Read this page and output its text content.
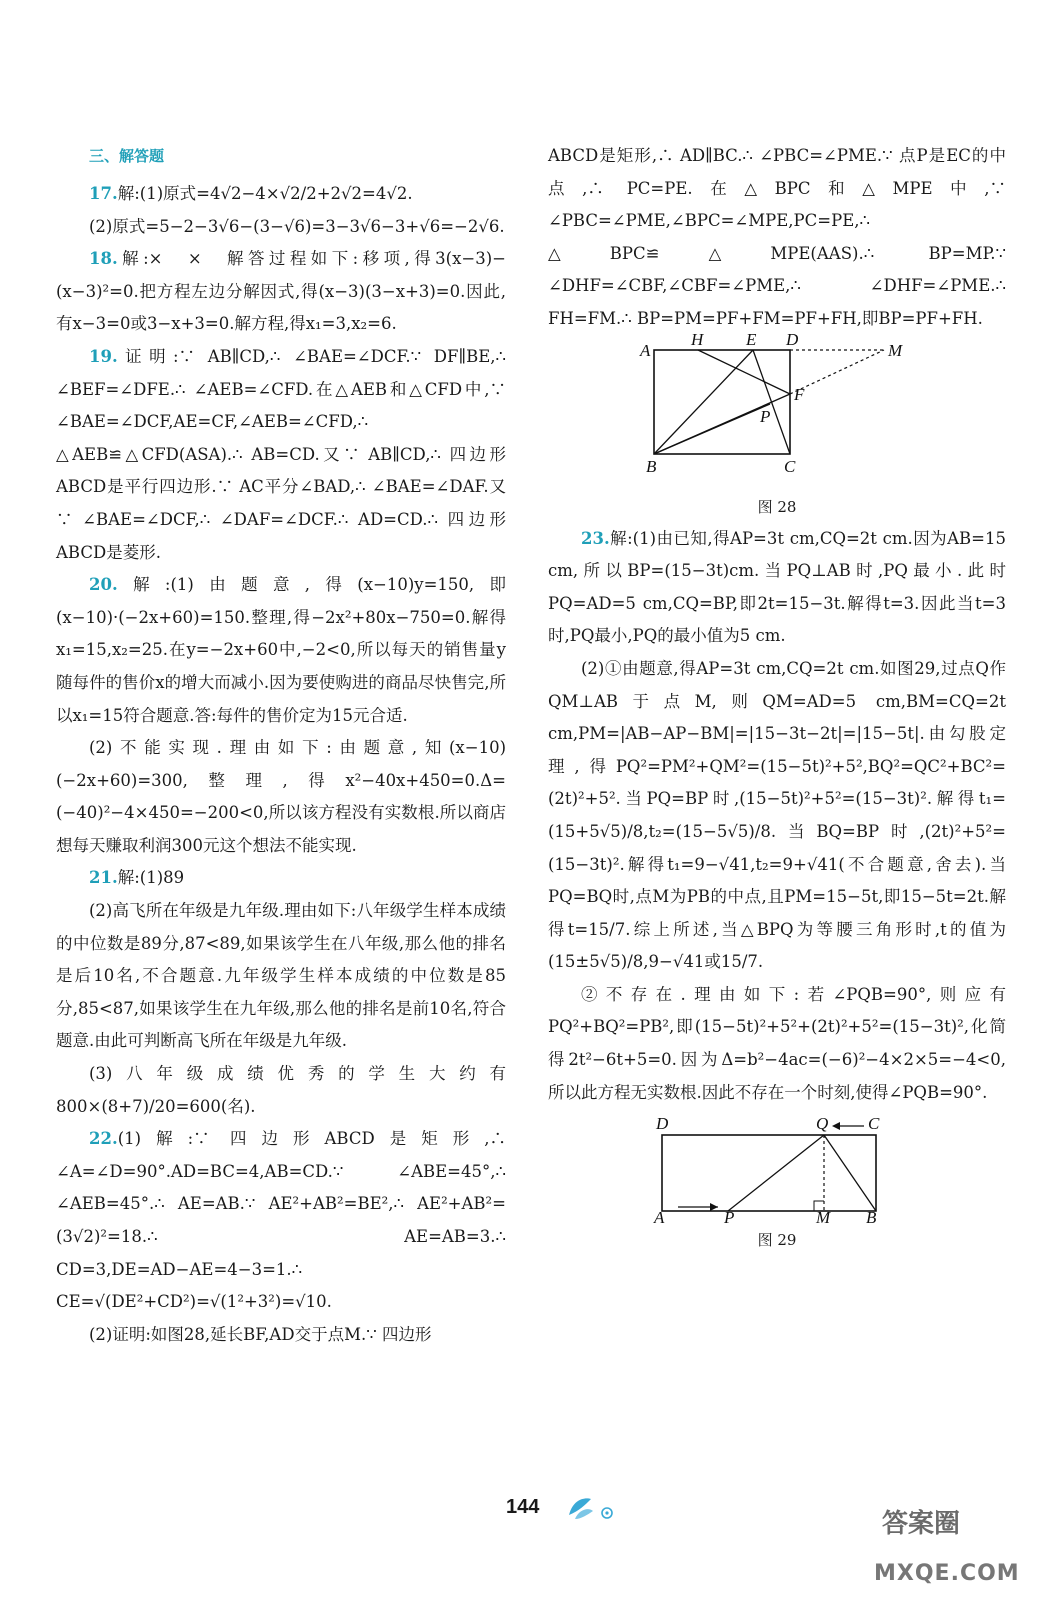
三、解答题

17.解:(1)原式=4√2−4×√2/2+2√2=4√2.

(2)原式=5−2−3√6−(3−√6)=3−3√6−3+√6=−2√6.

18.解:×　×　解答过程如下:移项,得3(x−3)−(x−3)²=0.把方程左边分解因式,得(x−3)(3−x+3)=0.因此,有x−3=0或3−x+3=0.解方程,得x₁=3,x₂=6.

19.证明:∵ AB∥CD,∴ ∠BAE=∠DCF.∵ DF∥BE,∴ ∠BEF=∠DFE.∴ ∠AEB=∠CFD.在△AEB和△CFD中,∵ ∠BAE=∠DCF,AE=CF,∠AEB=∠CFD,∴ △AEB≌△CFD(ASA).∴ AB=CD.又∵ AB∥CD,∴ 四边形ABCD是平行四边形.∵ AC平分∠BAD,∴ ∠BAE=∠DAF.又∵ ∠BAE=∠DCF,∴ ∠DAF=∠DCF.∴ AD=CD.∴ 四边形ABCD是菱形.

20.解:(1)由题意,得(x−10)y=150,即(x−10)·(−2x+60)=150.整理,得−2x²+80x−750=0.解得x₁=15,x₂=25.在y=−2x+60中,−2<0,所以每天的销售量y随每件的售价x的增大而减小.因为要使购进的商品尽快售完,所以x₁=15符合题意.答:每件的售价定为15元合适.

(2)不能实现.理由如下:由题意,知(x−10)(−2x+60)=300,整理,得x²−40x+450=0.Δ=(−40)²−4×450=−200<0,所以该方程没有实数根.所以商店想每天赚取利润300元这个想法不能实现.

21.解:(1)89

(2)高飞所在年级是九年级.理由如下:八年级学生样本成绩的中位数是89分,87<89,如果该学生在八年级,那么他的排名是后10名,不合题意.九年级学生样本成绩的中位数是85分,85<87,如果该学生在九年级,那么他的排名是前10名,符合题意.由此可判断高飞所在年级是九年级.

(3)八年级成绩优秀的学生大约有800×(8+7)/20=600(名).

22.(1)解:∵ 四边形ABCD是矩形,∴ ∠A=∠D=90°.AD=BC=4,AB=CD.∵ ∠ABE=45°,∴ ∠AEB=45°.∴ AE=AB.∵ AE²+AB²=BE²,∴ AE²+AB²=(3√2)²=18.∴ AE=AB=3.∴ CD=3,DE=AD−AE=4−3=1.∴ CE=√(DE²+CD²)=√(1²+3²)=√10.

(2)证明:如图28,延长BF,AD交于点M.∵ 四边形

ABCD是矩形,∴ AD∥BC.∴ ∠PBC=∠PME.∵ 点P是EC的中点,∴ PC=PE.在△BPC和△MPE中,∵ ∠PBC=∠PME,∠BPC=∠MPE,PC=PE,∴ △BPC≌△MPE(AAS).∴ BP=MP.∵ ∠DHF=∠CBF,∠CBF=∠PME,∴ ∠DHF=∠PME.∴ FH=FM.∴ BP=PM=PF+FM=PF+FH,即BP=PF+FH.

A
H	E D
M
F
P
B	C
图 28

23.解:(1)由已知,得AP=3t cm,CQ=2t cm.因为AB=15 cm,所以BP=(15−3t)cm.当PQ⊥AB时,PQ最小.此时PQ=AD=5 cm,CQ=BP,即2t=15−3t.解得t=3.因此当t=3时,PQ最小,PQ的最小值为5 cm.

(2)①由题意,得AP=3t cm,CQ=2t cm.如图29,过点Q作QM⊥AB于点M,则QM=AD=5 cm,BM=CQ=2t cm,PM=|AB−AP−BM|=|15−3t−2t|=|15−5t|.由勾股定理,得PQ²=PM²+QM²=(15−5t)²+5²,BQ²=QC²+BC²=(2t)²+5².当PQ=BP时,(15−5t)²+5²=(15−3t)².解得t₁=(15+5√5)/8,t₂=(15−5√5)/8.当BQ=BP时,(2t)²+5²=(15−3t)².解得t₁=9−√41,t₂=9+√41(不合题意,舍去).当PQ=BQ时,点M为PB的中点,且PM=15−5t,即15−5t=2t.解得t=15/7.综上所述,当△BPQ为等腰三角形时,t的值为(15±5√5)/8,9−√41或15/7.

②不存在.理由如下:若∠PQB=90°,则应有PQ²+BQ²=PB²,即(15−5t)²+5²+(2t)²+5²=(15−3t)²,化简得2t²−6t+5=0.因为Δ=b²−4ac=(−6)²−4×2×5=−4<0,所以此方程无实数根.因此不存在一个时刻,使得∠PQB=90°.

D	Q C
A	P	M B
图 29
144
答案圈
MXQE.COM
